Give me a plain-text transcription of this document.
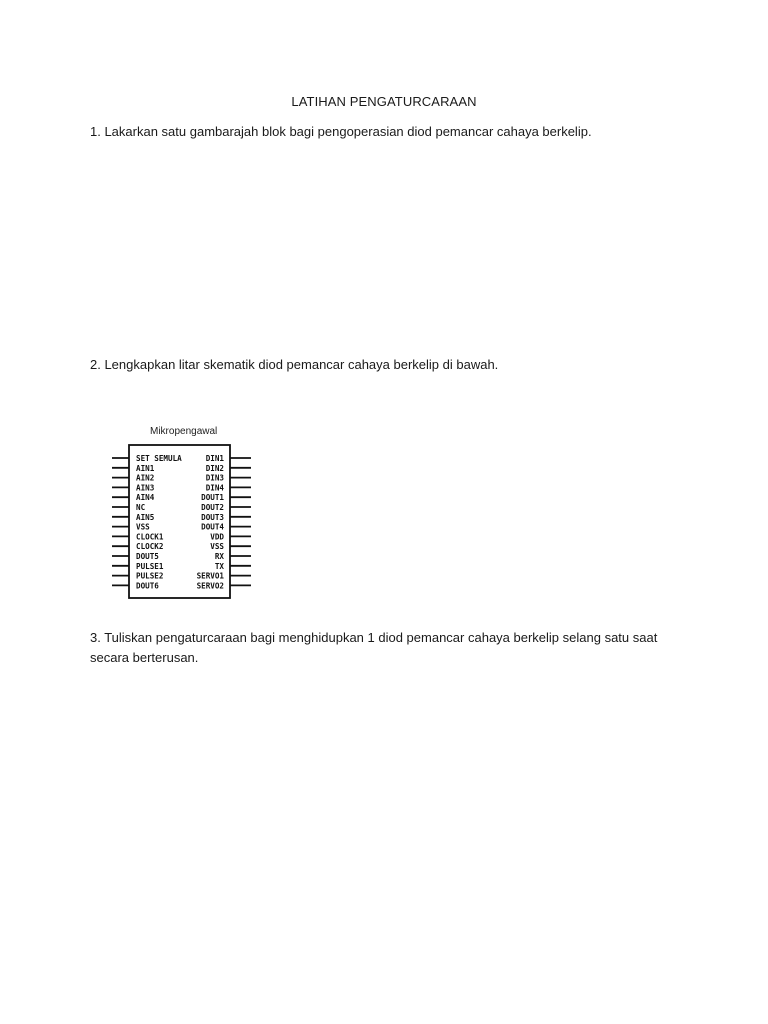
LATIHAN PENGATURCARAAN
1. Lakarkan satu gambarajah blok bagi pengoperasian diod pemancar cahaya berkelip.
2. Lengkapkan litar skematik diod pemancar cahaya berkelip di bawah.
Mikropengawal
SET SEMULA
AIN1
AIN2
AIN3
AIN4
NC
AIN5
VSS
CLOCK1
CLOCK2
DOUT5
PULSE1
PULSE2
DOUT6
DIN1
DIN2
DIN3
DIN4
DOUT1
DOUT2
DOUT3
DOUT4
VDD
VSS
RX
TX
SERVO1
SERVO2
3. Tuliskan pengaturcaraan bagi menghidupkan 1 diod pemancar cahaya berkelip selang satu saat secara berterusan.
